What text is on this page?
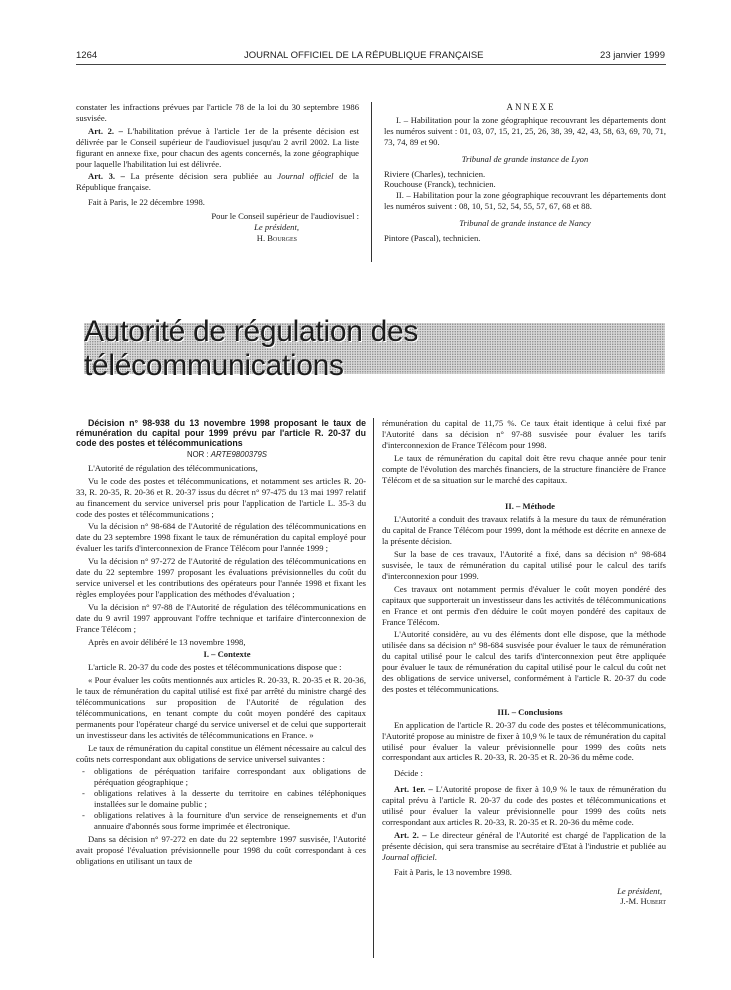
1264	JOURNAL OFFICIEL DE LA RÉPUBLIQUE FRANÇAISE	23 janvier 1999

constater les infractions prévues par l'article 78 de la loi du 30 septembre 1986 susvisée.

Art. 2. – L'habilitation prévue à l'article 1er de la présente décision est délivrée par le Conseil supérieur de l'audiovisuel jusqu'au 2 avril 2002. La liste figurant en annexe fixe, pour chacun des agents concernés, la zone géographique pour laquelle l'habilitation lui est délivrée.

Art. 3. – La présente décision sera publiée au Journal officiel de la République française.

Fait à Paris, le 22 décembre 1998.

Pour le Conseil supérieur de l'audiovisuel :

Le président,

H. Bourges

ANNEXE

I. – Habilitation pour la zone géographique recouvrant les départements dont les numéros suivent : 01, 03, 07, 15, 21, 25, 26, 38, 39, 42, 43, 58, 63, 69, 70, 71, 73, 74, 89 et 90.

Tribunal de grande instance de Lyon

Riviere (Charles), technicien.

Rouchouse (Franck), technicien.

II. – Habilitation pour la zone géographique recouvrant les départements dont les numéros suivent : 08, 10, 51, 52, 54, 55, 57, 67, 68 et 88.

Tribunal de grande instance de Nancy

Pintore (Pascal), technicien.

Autorité de régulation des télécommunications

Décision n° 98-938 du 13 novembre 1998 proposant le taux de rémunération du capital pour 1999 prévu par l'article R. 20-37 du code des postes et télécommunications

NOR : ARTE9800379S

L'Autorité de régulation des télécommunications,

Vu le code des postes et télécommunications, et notamment ses articles R. 20-33, R. 20-35, R. 20-36 et R. 20-37 issus du décret n° 97-475 du 13 mai 1997 relatif au financement du service universel pris pour l'application de l'article L. 35-3 du code des postes et télécommunications ;

Vu la décision n° 98-684 de l'Autorité de régulation des télécommunications en date du 23 septembre 1998 fixant le taux de rémunération du capital employé pour évaluer les tarifs d'interconnexion de France Télécom pour l'année 1999 ;

Vu la décision n° 97-272 de l'Autorité de régulation des télécommunications en date du 22 septembre 1997 proposant les évaluations prévisionnelles du coût du service universel et les contributions des opérateurs pour l'année 1998 et fixant les règles employées pour l'application des méthodes d'évaluation ;

Vu la décision n° 97-88 de l'Autorité de régulation des télécommunications en date du 9 avril 1997 approuvant l'offre technique et tarifaire d'interconnexion de France Télécom ;

Après en avoir délibéré le 13 novembre 1998,

I. – Contexte

L'article R. 20-37 du code des postes et télécommunications dispose que :

« Pour évaluer les coûts mentionnés aux articles R. 20-33, R. 20-35 et R. 20-36, le taux de rémunération du capital utilisé est fixé par arrêté du ministre chargé des télécommunications sur proposition de l'Autorité de régulation des télécommunications, en tenant compte du coût moyen pondéré des capitaux permanents pour l'opérateur chargé du service universel et de celui que supporterait un investisseur dans les activités de télécommunications en France. »

Le taux de rémunération du capital constitue un élément nécessaire au calcul des coûts nets correspondant aux obligations de service universel suivantes :

- obligations de péréquation tarifaire correspondant aux obligations de péréquation géographique ;
- obligations relatives à la desserte du territoire en cabines téléphoniques installées sur le domaine public ;
- obligations relatives à la fourniture d'un service de renseignements et d'un annuaire d'abonnés sous forme imprimée et électronique.

Dans sa décision n° 97-272 en date du 22 septembre 1997 susvisée, l'Autorité avait proposé l'évaluation prévisionnelle pour 1998 du coût correspondant à ces obligations en utilisant un taux de

rémunération du capital de 11,75 %. Ce taux était identique à celui fixé par l'Autorité dans sa décision n° 97-88 susvisée pour évaluer les tarifs d'interconnexion de France Télécom pour 1998.

Le taux de rémunération du capital doit être revu chaque année pour tenir compte de l'évolution des marchés financiers, de la structure financière de France Télécom et de sa situation sur le marché des capitaux.

II. – Méthode

L'Autorité a conduit des travaux relatifs à la mesure du taux de rémunération du capital de France Télécom pour 1999, dont la méthode est décrite en annexe de la présente décision.

Sur la base de ces travaux, l'Autorité a fixé, dans sa décision n° 98-684 susvisée, le taux de rémunération du capital utilisé pour le calcul des tarifs d'interconnexion pour 1999.

Ces travaux ont notamment permis d'évaluer le coût moyen pondéré des capitaux que supporterait un investisseur dans les activités de télécommunications en France et ont permis d'en déduire le coût moyen pondéré des capitaux de France Télécom.

L'Autorité considère, au vu des éléments dont elle dispose, que la méthode utilisée dans sa décision n° 98-684 susvisée pour évaluer le taux de rémunération du capital utilisé pour le calcul des tarifs d'interconnexion peut être appliquée pour évaluer le taux de rémunération du capital utilisé pour le calcul du coût net des obligations de service universel, conformément à l'article R. 20-37 du code des postes et télécommunications.

III. – Conclusions

En application de l'article R. 20-37 du code des postes et télécommunications, l'Autorité propose au ministre de fixer à 10,9 % le taux de rémunération du capital utilisé pour évaluer la valeur prévisionnelle pour 1999 des coûts nets correspondant aux articles R. 20-33, R. 20-35 et R. 20-36 du même code.

Décide :

Art. 1er. – L'Autorité propose de fixer à 10,9 % le taux de rémunération du capital prévu à l'article R. 20-37 du code des postes et télécommunications et utilisé pour évaluer la valeur prévisionnelle pour 1999 des coûts nets correspondant aux articles R. 20-33, R. 20-35 et R. 20-36 du même code.

Art. 2. – Le directeur général de l'Autorité est chargé de l'application de la présente décision, qui sera transmise au secrétaire d'Etat à l'industrie et publiée au Journal officiel.

Fait à Paris, le 13 novembre 1998.

Le président,

J.-M. Hubert
